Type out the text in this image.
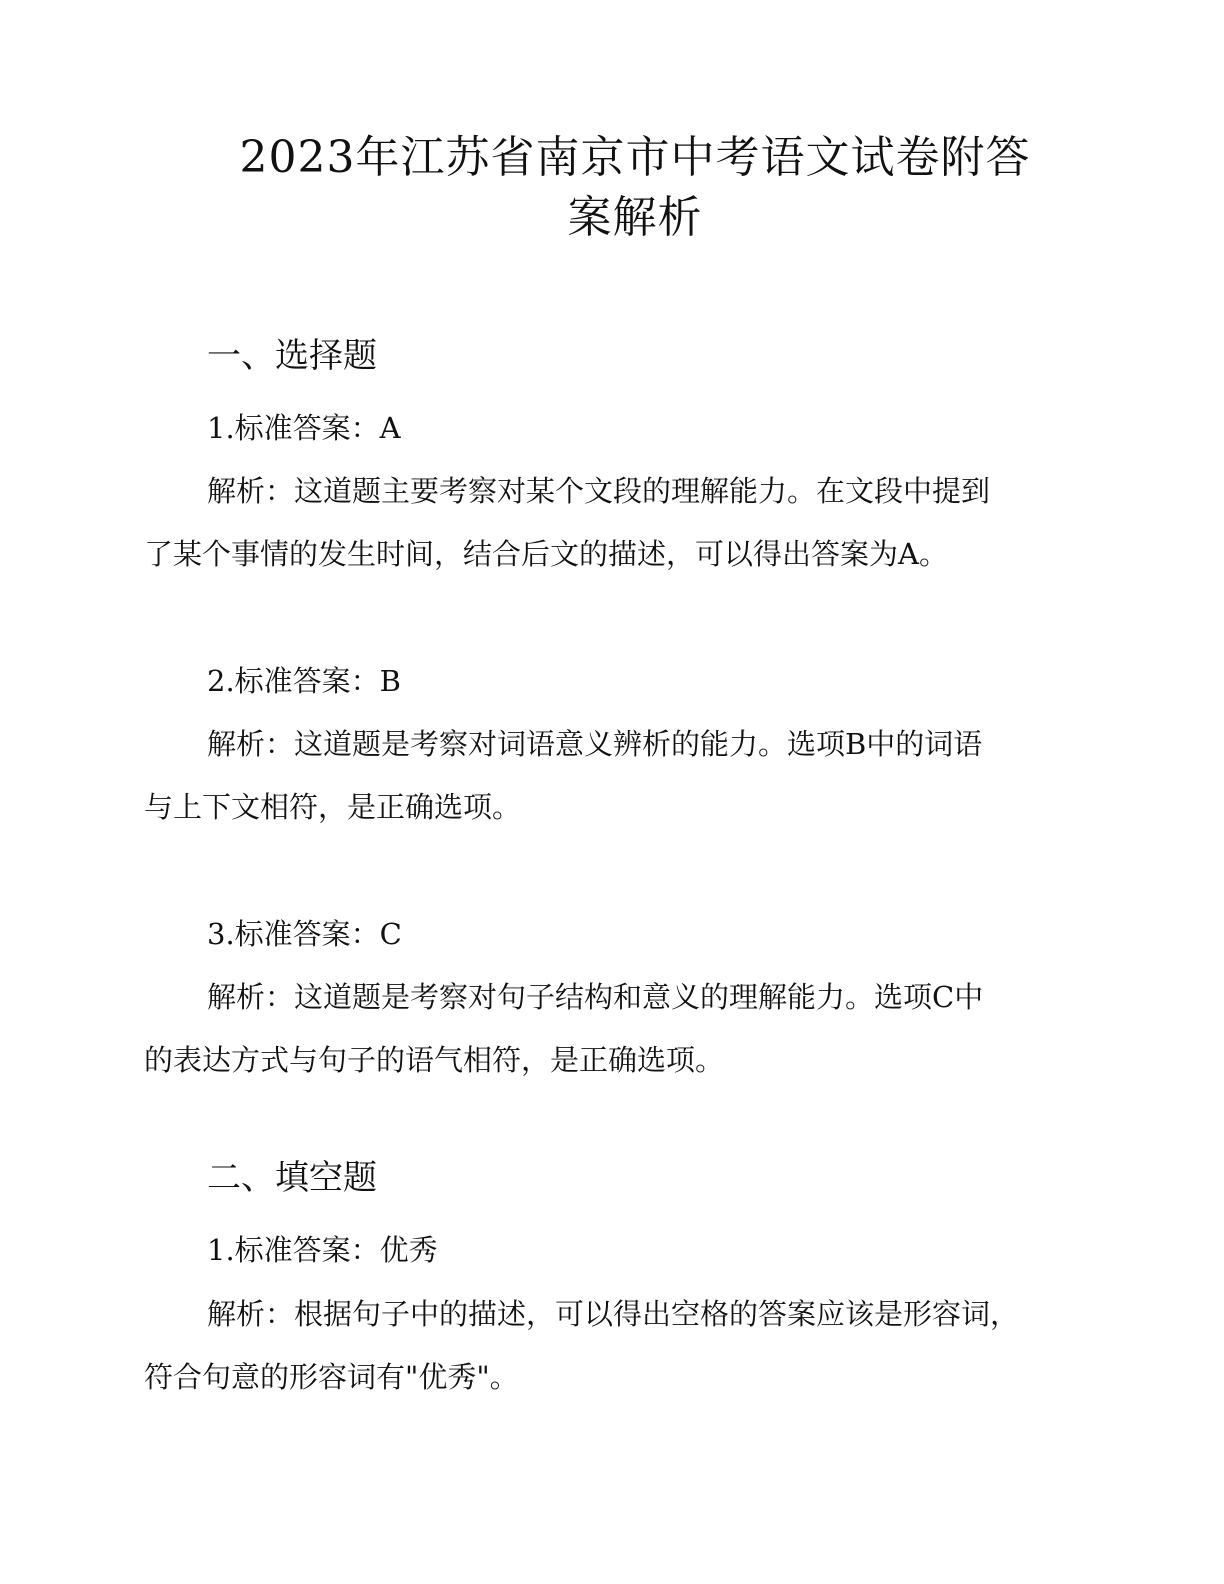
2023年江苏省南京市中考语文试卷附答
案解析
一、选择题

1.标准答案：A

解析：这道题主要考察对某个文段的理解能力。在文段中提到

了某个事情的发生时间，结合后文的描述，可以得出答案为A。

2.标准答案：B

解析：这道题是考察对词语意义辨析的能力。选项B中的词语

与上下文相符，是正确选项。

3.标准答案：C

解析：这道题是考察对句子结构和意义的理解能力。选项C中

的表达方式与句子的语气相符，是正确选项。

二、填空题

1.标准答案：优秀

解析：根据句子中的描述，可以得出空格的答案应该是形容词，

符合句意的形容词有"优秀"。
